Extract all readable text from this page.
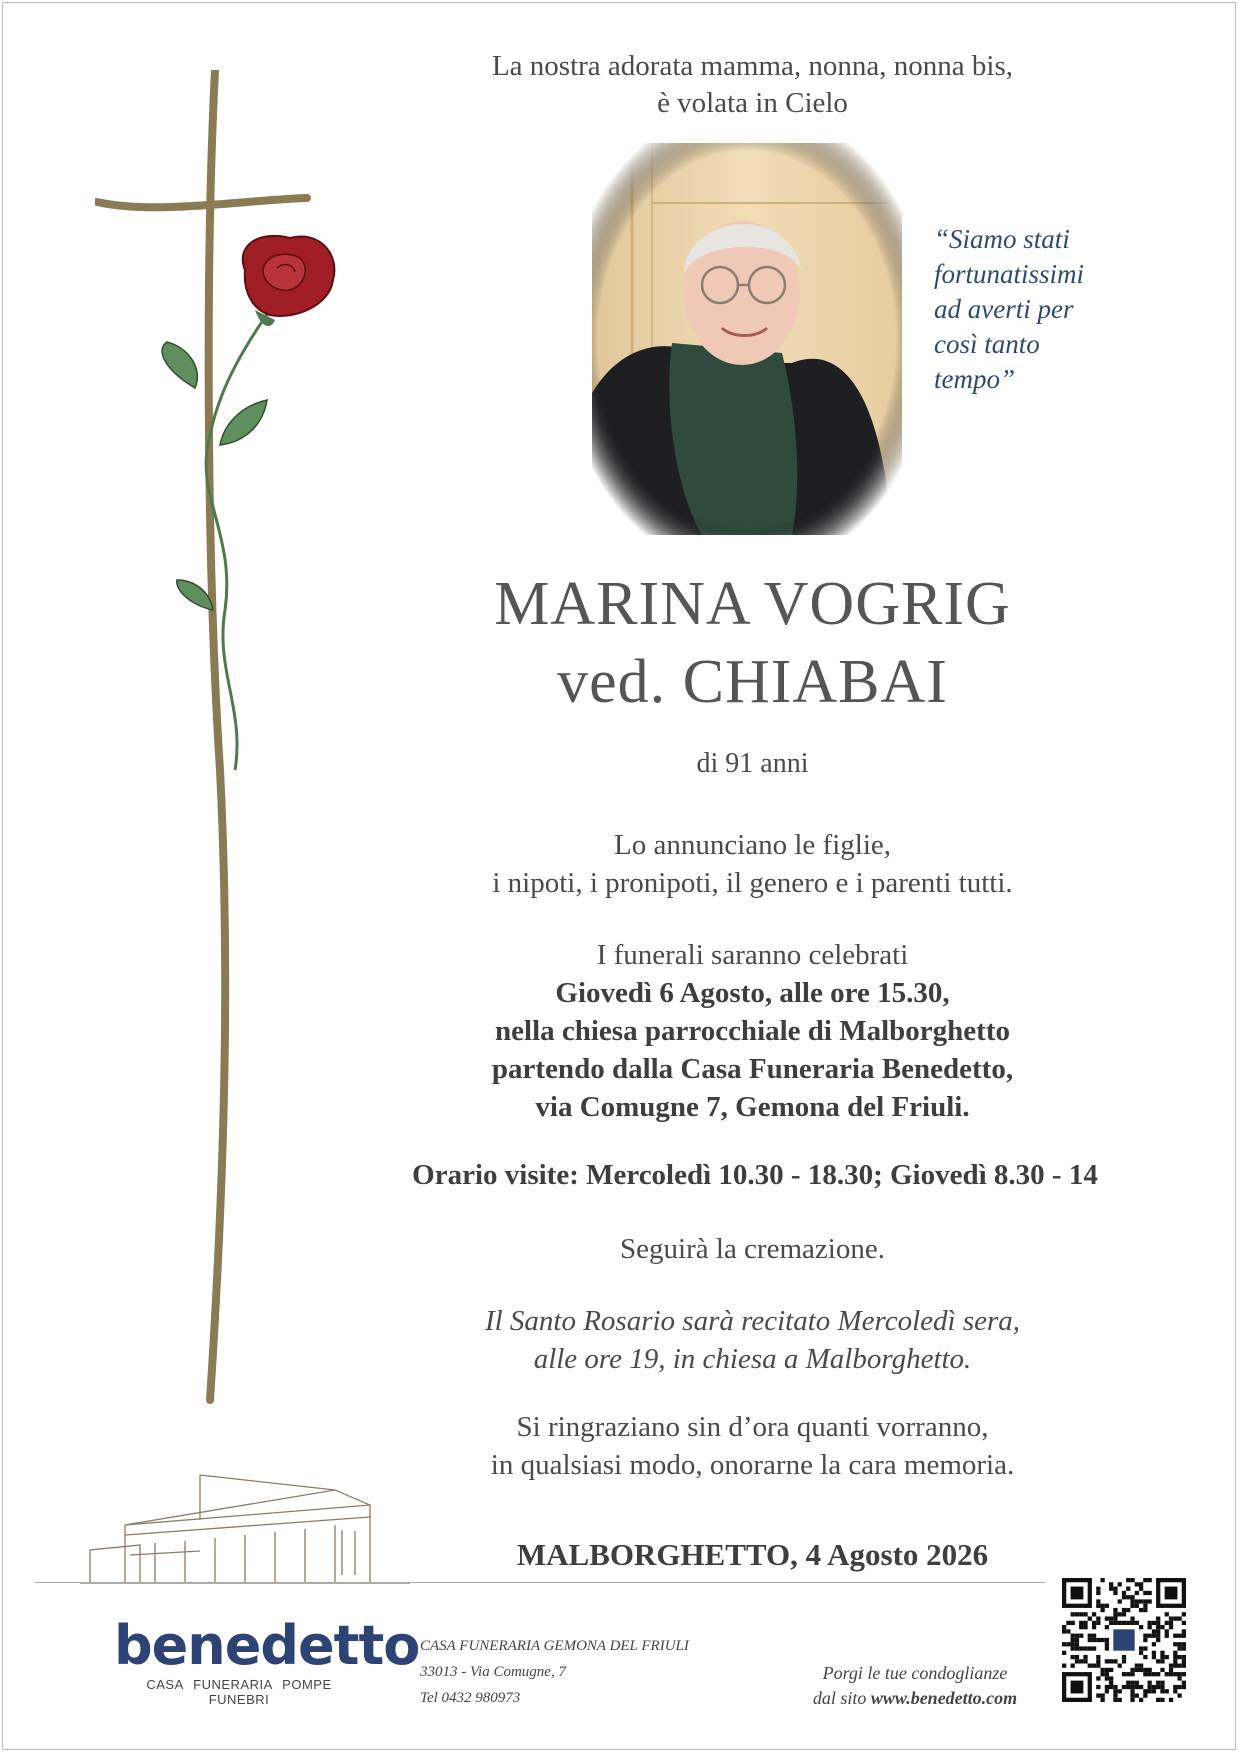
La nostra adorata mamma, nonna, nonna bis,
è volata in Cielo
“Siamo stati
fortunatissimi
ad averti per
così tanto
tempo”
MARINA VOGRIG
ved. CHIABAI
di 91 anni
Lo annunciano le figlie,
i nipoti, i pronipoti, il genero e i parenti tutti.
I funerali saranno celebrati
Giovedì 6 Agosto, alle ore 15.30,
nella chiesa parrocchiale di Malborghetto
partendo dalla Casa Funeraria Benedetto,
via Comugne 7, Gemona del Friuli.
Orario visite: Mercoledì 10.30 - 18.30; Giovedì 8.30 - 14
Seguirà la cremazione.
Il Santo Rosario sarà recitato Mercoledì sera,
alle ore 19, in chiesa a Malborghetto.
Si ringraziano sin d’ora quanti vorranno,
in qualsiasi modo, onorarne la cara memoria.
MALBORGHETTO, 4 Agosto 2026
benedetto
CASA FUNERARIA POMPE FUNEBRI
CASA FUNERARIA GEMONA DEL FRIULI
33013 - Via Comugne, 7
Tel 0432 980973
Porgi le tue condoglianze
dal sito www.benedetto.com
